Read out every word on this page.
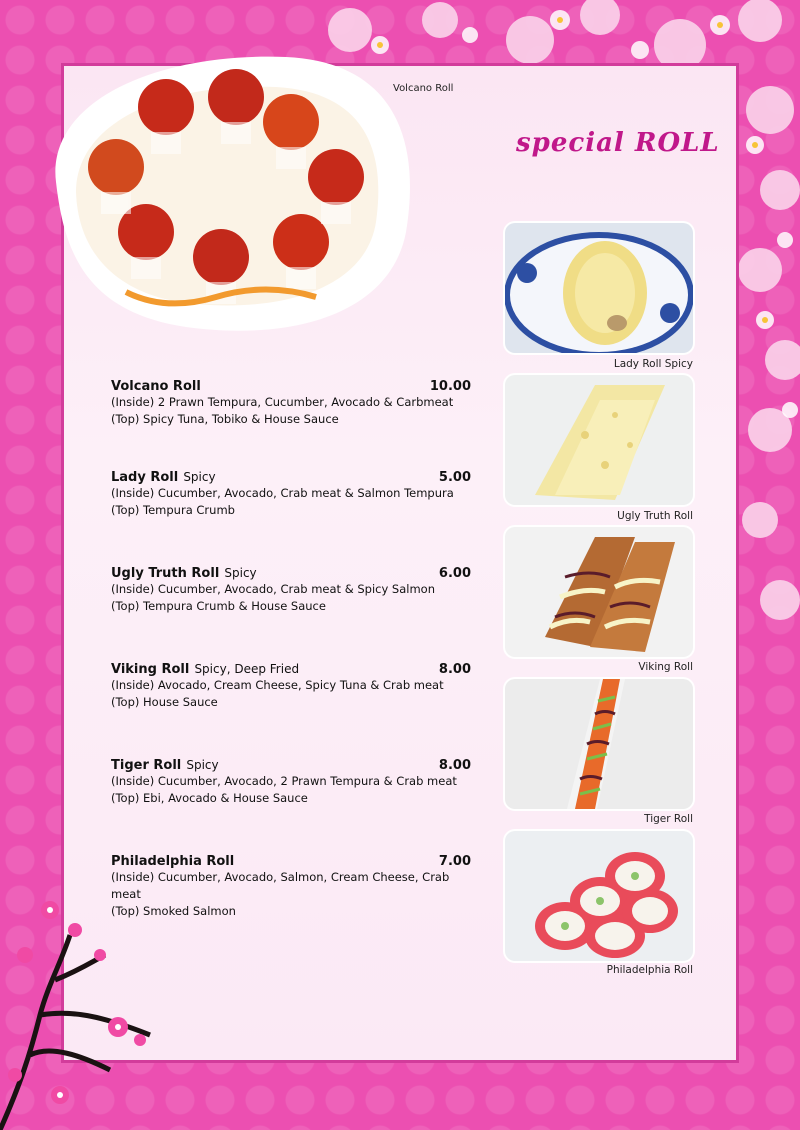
Volcano Roll
special ROLL
Volcano Roll	10.00
(Inside) 2 Prawn Tempura, Cucumber, Avocado & Carbmeat
(Top) Spicy Tuna, Tobiko & House Sauce
Lady Roll Spicy	5.00
(Inside) Cucumber, Avocado, Crab meat & Salmon Tempura
(Top) Tempura Crumb
Ugly Truth Roll Spicy	6.00
(Inside) Cucumber, Avocado, Crab meat & Spicy Salmon
(Top) Tempura Crumb & House Sauce
Viking Roll Spicy, Deep Fried	8.00
(Inside) Avocado, Cream Cheese, Spicy Tuna & Crab meat
(Top) House Sauce
Tiger Roll Spicy	8.00
(Inside) Cucumber, Avocado, 2 Prawn Tempura & Crab meat
(Top) Ebi, Avocado & House Sauce
Philadelphia Roll	7.00
(Inside) Cucumber, Avocado, Salmon, Cream Cheese, Crab meat
(Top) Smoked Salmon
Lady Roll Spicy
Ugly Truth Roll
Viking Roll
Tiger Roll
Philadelphia Roll
